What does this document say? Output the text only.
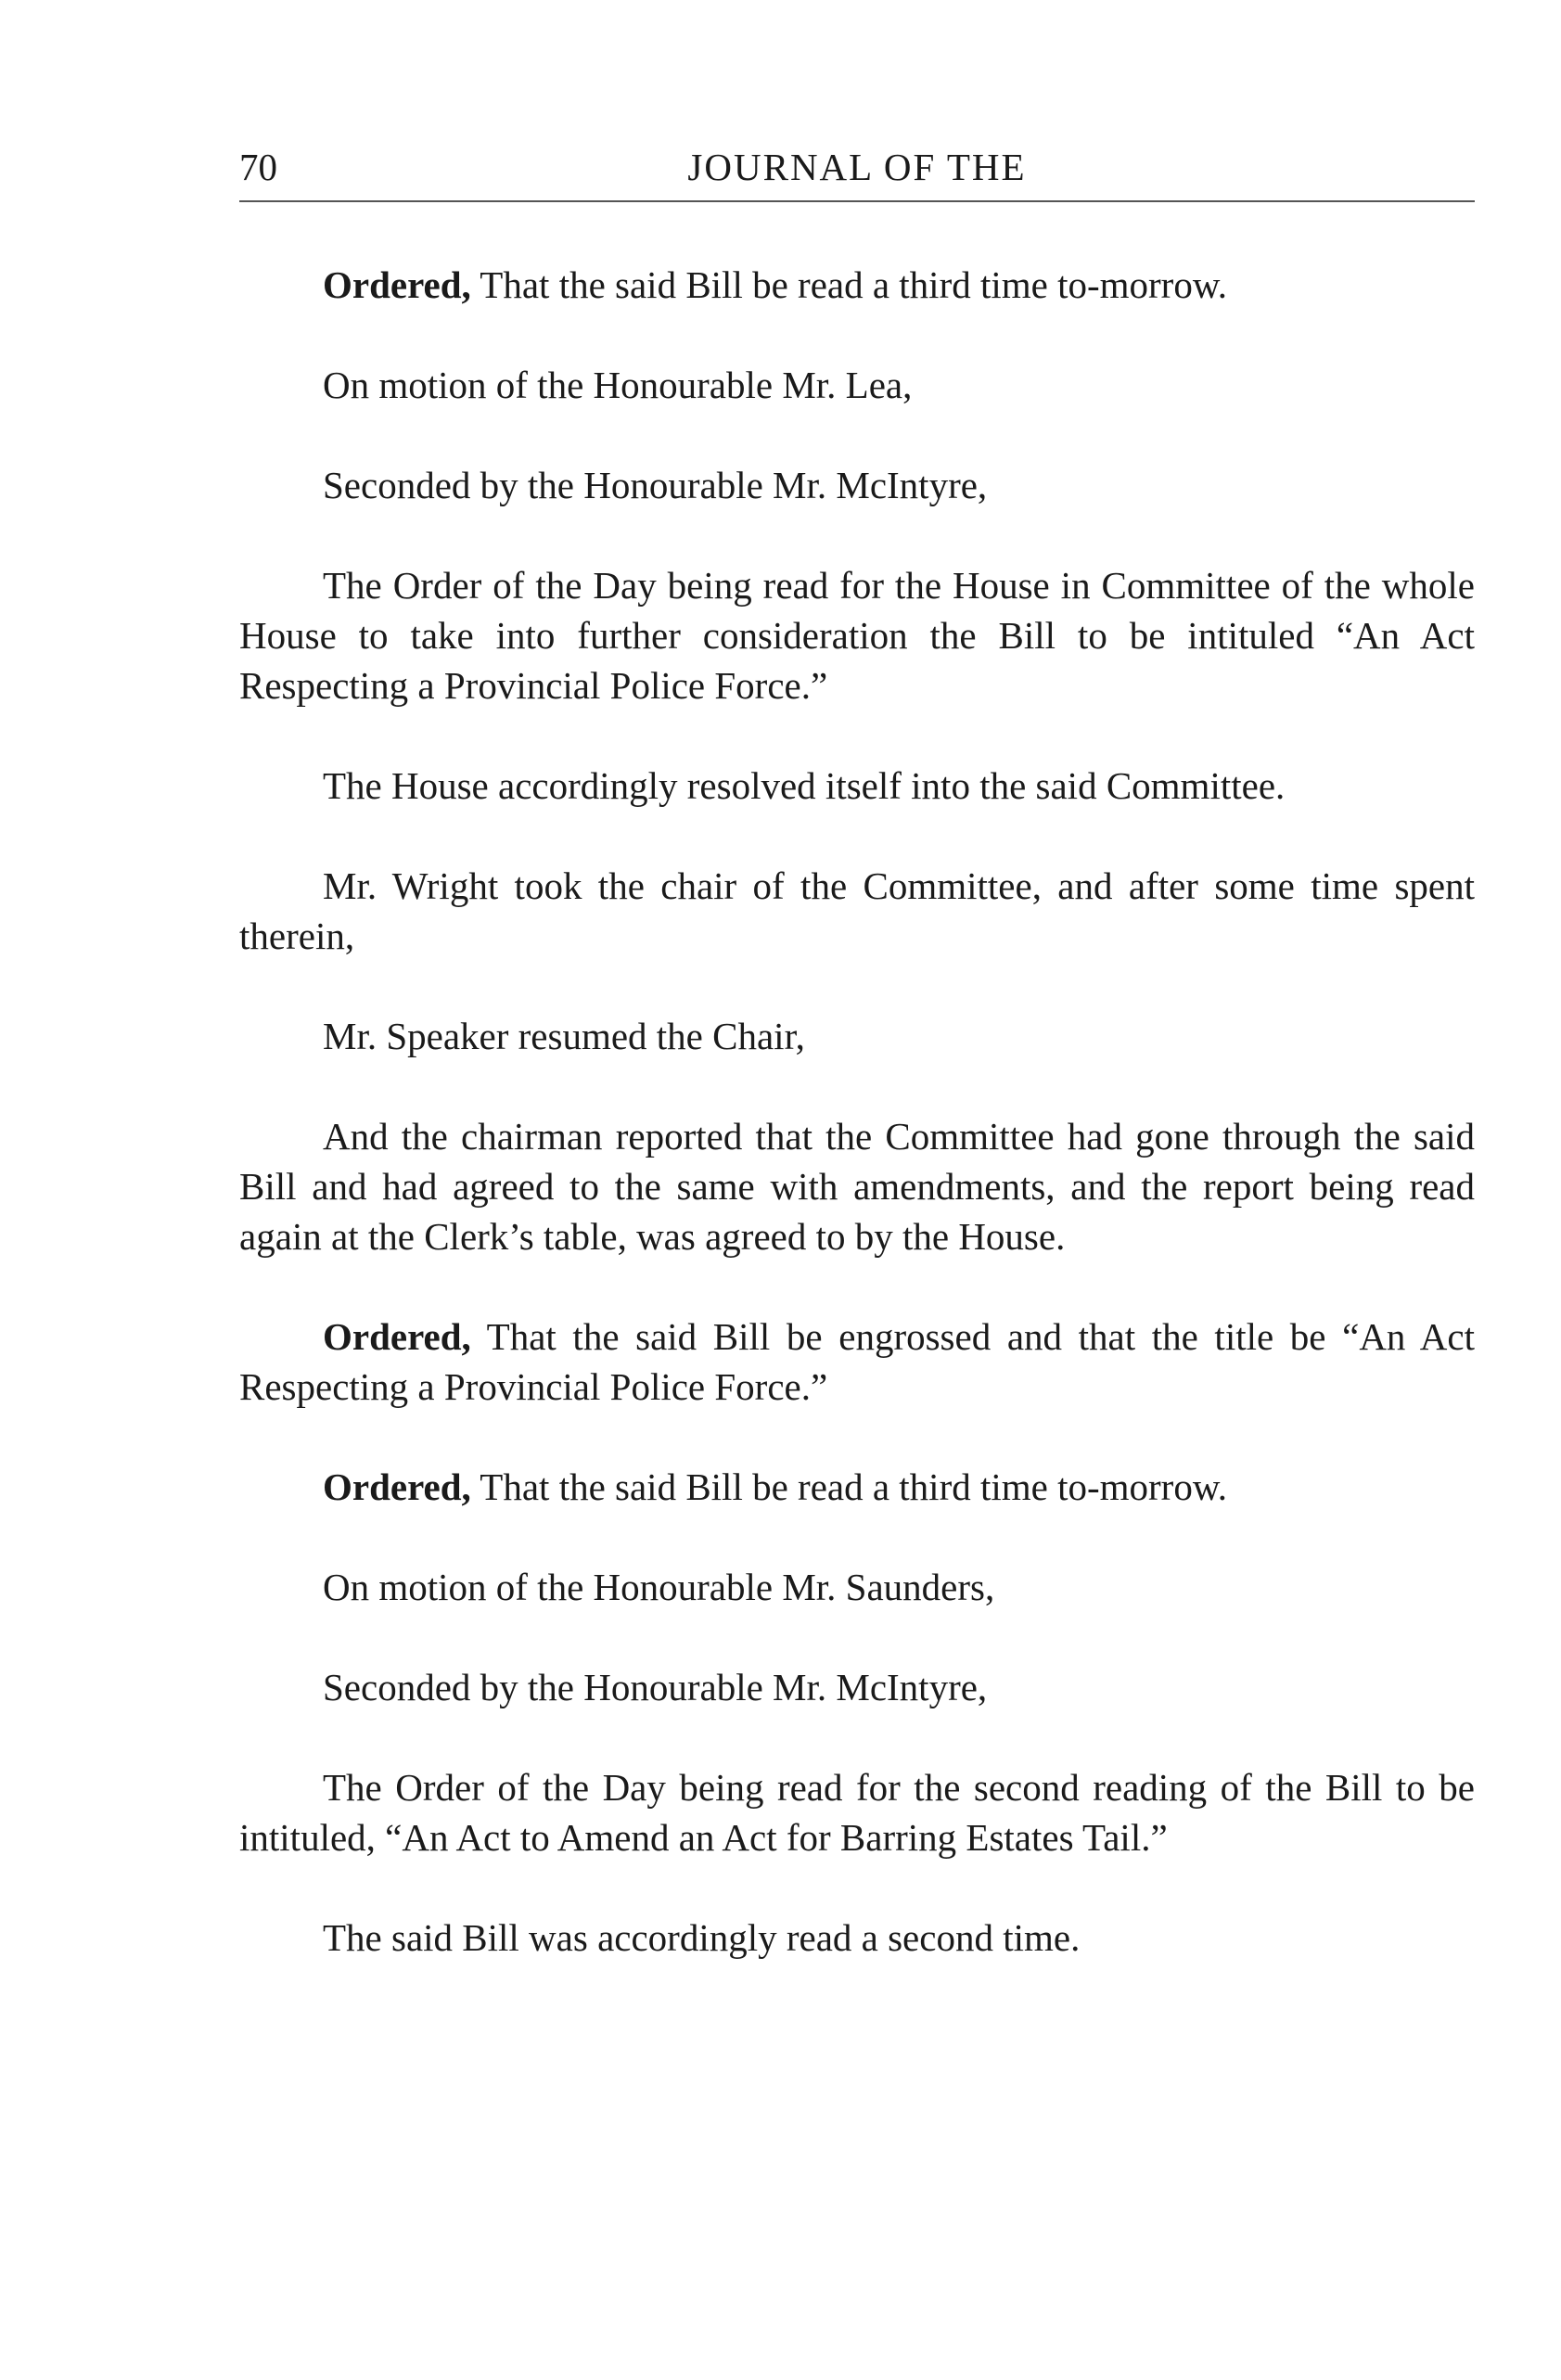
70	JOURNAL OF THE

Ordered, That the said Bill be read a third time to-morrow.

On motion of the Honourable Mr. Lea,

Seconded by the Honourable Mr. McIntyre,

The Order of the Day being read for the House in Committee of the whole House to take into further consideration the Bill to be intituled “An Act Respecting a Provincial Police Force.”

The House accordingly resolved itself into the said Committee.

Mr. Wright took the chair of the Committee, and after some time spent therein,

Mr. Speaker resumed the Chair,

And the chairman reported that the Committee had gone through the said Bill and had agreed to the same with amendments, and the report being read again at the Clerk’s table, was agreed to by the House.

Ordered, That the said Bill be engrossed and that the title be “An Act Respecting a Provincial Police Force.”

Ordered, That the said Bill be read a third time to-morrow.

On motion of the Honourable Mr. Saunders,

Seconded by the Honourable Mr. McIntyre,

The Order of the Day being read for the second reading of the Bill to be intituled, “An Act to Amend an Act for Barring Estates Tail.”

The said Bill was accordingly read a second time.
